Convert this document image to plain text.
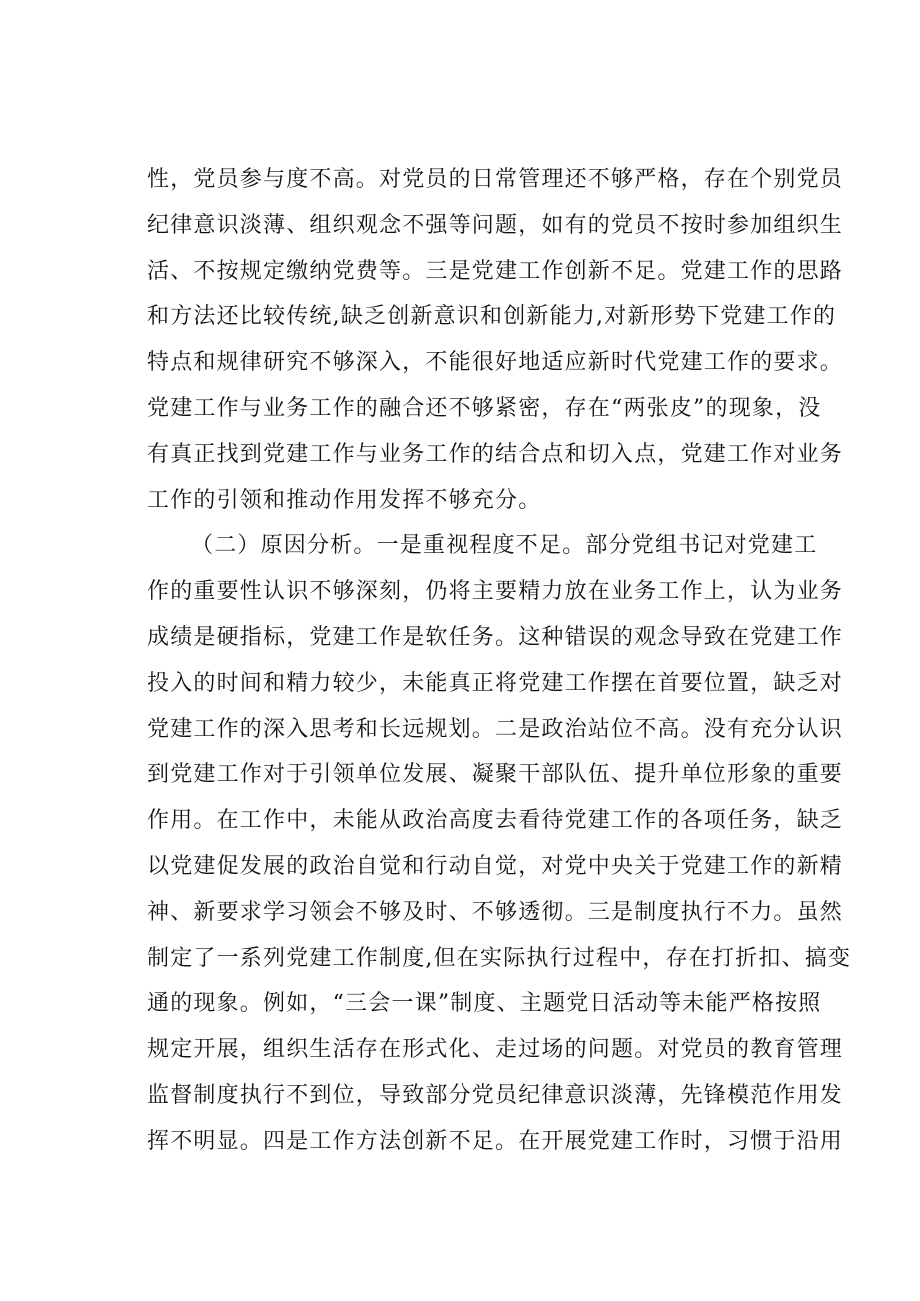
性，党员参与度不高。对党员的日常管理还不够严格，存在个别党员
纪律意识淡薄、组织观念不强等问题，如有的党员不按时参加组织生
活、不按规定缴纳党费等。三是党建工作创新不足。党建工作的思路
和方法还比较传统,缺乏创新意识和创新能力,对新形势下党建工作的
特点和规律研究不够深入，不能很好地适应新时代党建工作的要求。
党建工作与业务工作的融合还不够紧密，存在“两张皮”的现象，没
有真正找到党建工作与业务工作的结合点和切入点，党建工作对业务
工作的引领和推动作用发挥不够充分。
（二）原因分析。一是重视程度不足。部分党组书记对党建工
作的重要性认识不够深刻，仍将主要精力放在业务工作上，认为业务
成绩是硬指标，党建工作是软任务。这种错误的观念导致在党建工作
投入的时间和精力较少，未能真正将党建工作摆在首要位置，缺乏对
党建工作的深入思考和长远规划。二是政治站位不高。没有充分认识
到党建工作对于引领单位发展、凝聚干部队伍、提升单位形象的重要
作用。在工作中，未能从政治高度去看待党建工作的各项任务，缺乏
以党建促发展的政治自觉和行动自觉，对党中央关于党建工作的新精
神、新要求学习领会不够及时、不够透彻。三是制度执行不力。虽然
制定了一系列党建工作制度,但在实际执行过程中，存在打折扣、搞变
通的现象。例如，“三会一课”制度、主题党日活动等未能严格按照
规定开展，组织生活存在形式化、走过场的问题。对党员的教育管理
监督制度执行不到位，导致部分党员纪律意识淡薄，先锋模范作用发
挥不明显。四是工作方法创新不足。在开展党建工作时，习惯于沿用
